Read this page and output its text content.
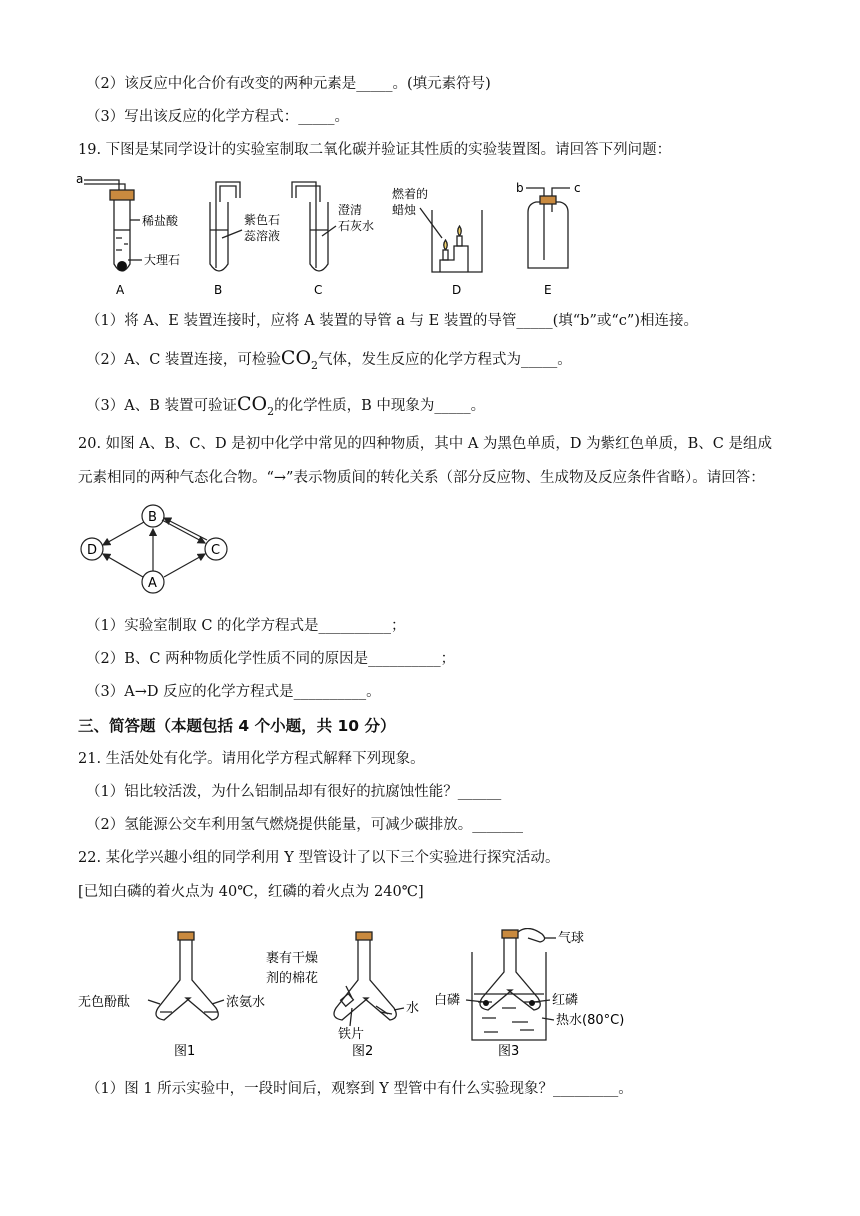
（2）该反应中化合价有改变的两种元素是_____。(填元素符号)
（3）写出该反应的化学方程式：_____。
19. 下图是某同学设计的实验室制取二氧化碳并验证其性质的实验装置图。请回答下列问题：
a
稀盐酸
大理石
紫色石
蕊溶液
澄清
石灰水
燃着的
蜡烛
b	c
A	B	C	D	E
（1）将 A、E 装置连接时，应将 A 装置的导管 a 与 E 装置的导管_____(填“b”或“c”)相连接。
（2）A、C 装置连接，可检验$CO_2$气体，发生反应的化学方程式为_____。
（3）A、B 装置可验证$CO_2$的化学性质，B 中现象为_____。
20. 如图 A、B、C、D 是初中化学中常见的四种物质，其中 A 为黑色单质，D 为紫红色单质，B、C 是组成
元素相同的两种气态化合物。“→”表示物质间的转化关系（部分反应物、生成物及反应条件省略）。请回答：
B
D	C
A
（1）实验室制取 C 的化学方程式是__________；
（2）B、C 两种物质化学性质不同的原因是__________；
（3）A→D 反应的化学方程式是__________。
三、简答题（本题包括 4 个小题，共 10 分）
21. 生活处处有化学。请用化学方程式解释下列现象。
（1）铝比较活泼，为什么铝制品却有很好的抗腐蚀性能？______
（2）氢能源公交车利用氢气燃烧提供能量，可减少碳排放。_______
22. 某化学兴趣小组的同学利用 Y 型管设计了以下三个实验进行探究活动。
[已知白磷的着火点为 40℃，红磷的着火点为 240℃]
无色酚酞	浓氨水
图1
裹有干燥
剂的棉花
水
铁片
图2
气球
白磷	红磷
热水(80°C)
图3
（1）图 1 所示实验中，一段时间后，观察到 Y 型管中有什么实验现象？_________。
